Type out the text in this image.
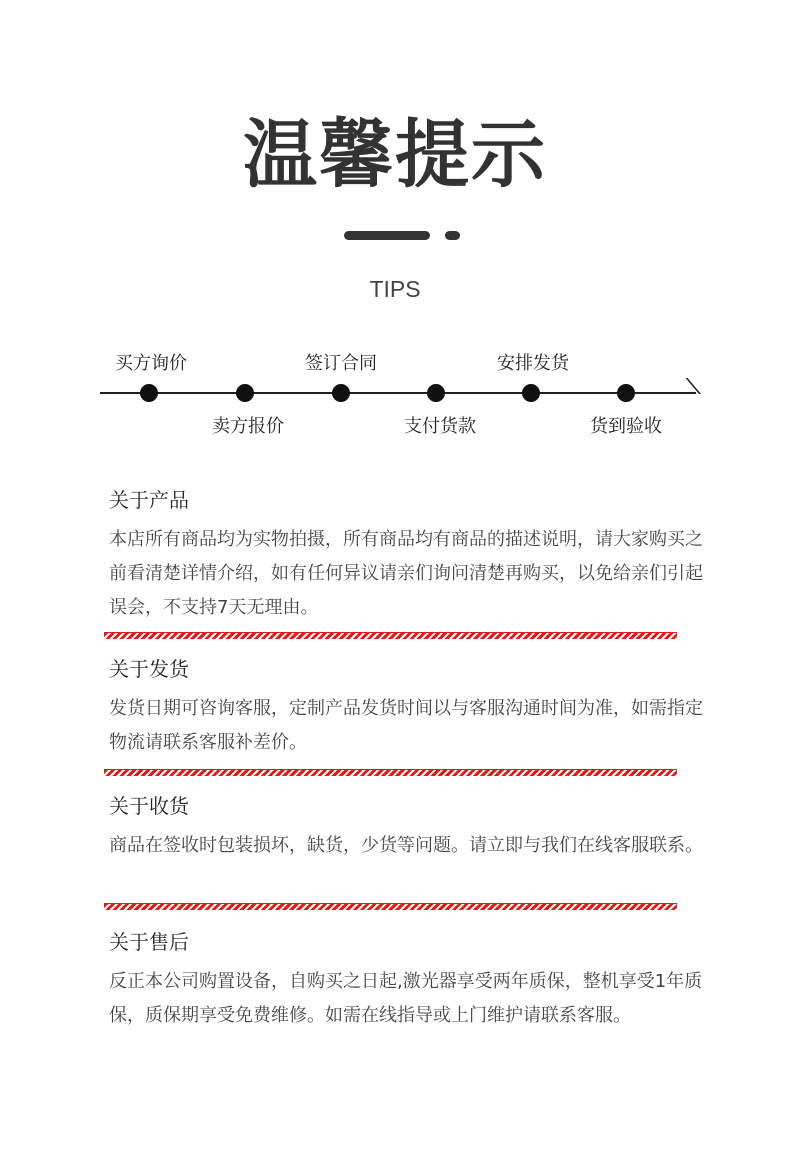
温馨提示
TIPS
买方询价
卖方报价
签订合同
支付货款
安排发货
货到验收
关于产品

本店所有商品均为实物拍摄，所有商品均有商品的描述说明，请大家购买之前看清楚详情介绍，如有任何异议请亲们询问清楚再购买，以免给亲们引起误会，不支持7天无理由。

关于发货

发货日期可咨询客服，定制产品发货时间以与客服沟通时间为准，如需指定物流请联系客服补差价。

关于收货

商品在签收时包装损坏，缺货，少货等问题。请立即与我们在线客服联系。

关于售后

反正本公司购置设备，自购买之日起,激光器享受两年质保，整机享受1年质保，质保期享受免费维修。如需在线指导或上门维护请联系客服。
